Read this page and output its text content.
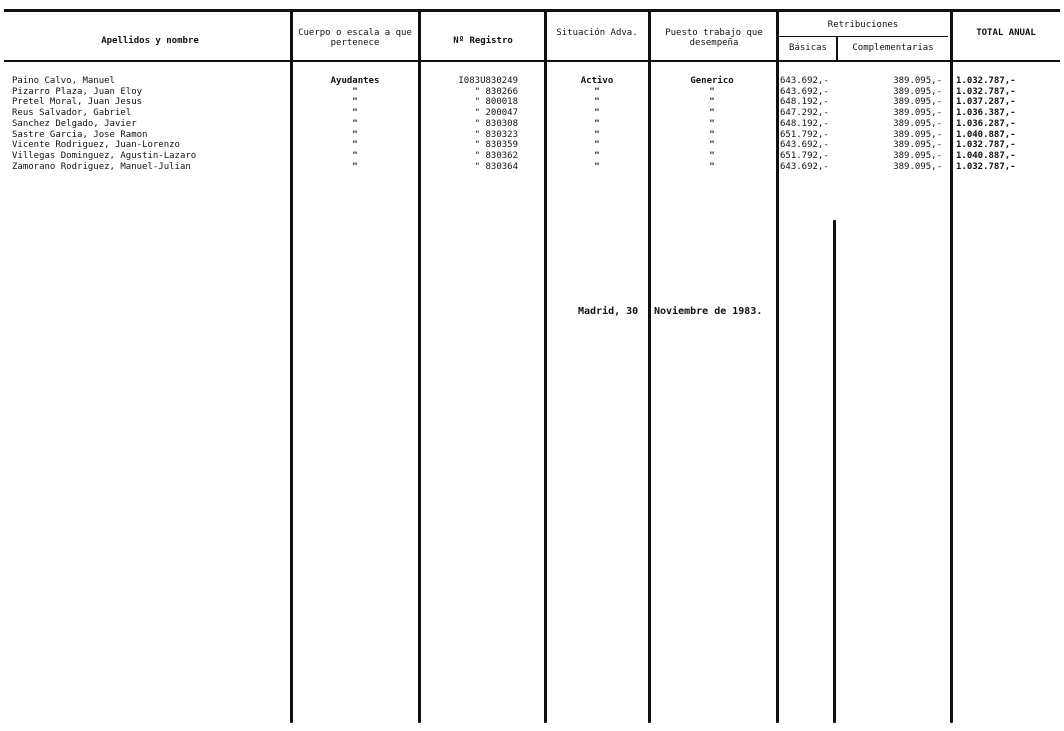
Apellidos y nombre
Cuerpo o escala a que pertenece	Nº Registro
Situación Adva.	Puesto trabajo que desempeña
Retribuciones
Básicas	Complementarias
TOTAL ANUAL
Paino Calvo, Manuel	Ayudantes	I083U830249	Activo	Generico	643.692,-	389.095,- 1.032.787,-
Pizarro Plaza, Juan Eloy	"	" 830266	"	"	643.692,-	389.095,- 1.032.787,-
Pretel Moral, Juan Jesus	"	" 800018	"	"	648.192,-	389.095,- 1.037.287,-
Reus Salvador, Gabriel	"	" 200047	"	"	647.292,-	389.095,- 1.036.387,-
Sanchez Delgado, Javier	"	" 830308	"	"	648.192,-	389.095,- 1.036.287,-
Sastre Garcia, Jose Ramon	"	" 830323	"	"	651.792,-	389.095,- 1.040.887,-
Vicente Rodriguez, Juan-Lorenzo	"	" 830359	"	"	643.692,-	389.095,- 1.032.787,-
Villegas Dominguez, Agustin-Lazaro	"	" 830362	"	"	651.792,-	389.095,- 1.040.887,-
Zamorano Rodriguez, Manuel-Julian	"	" 830364	"	"	643.692,-	389.095,- 1.032.787,-
Madrid, 30 Noviembre de 1983.
